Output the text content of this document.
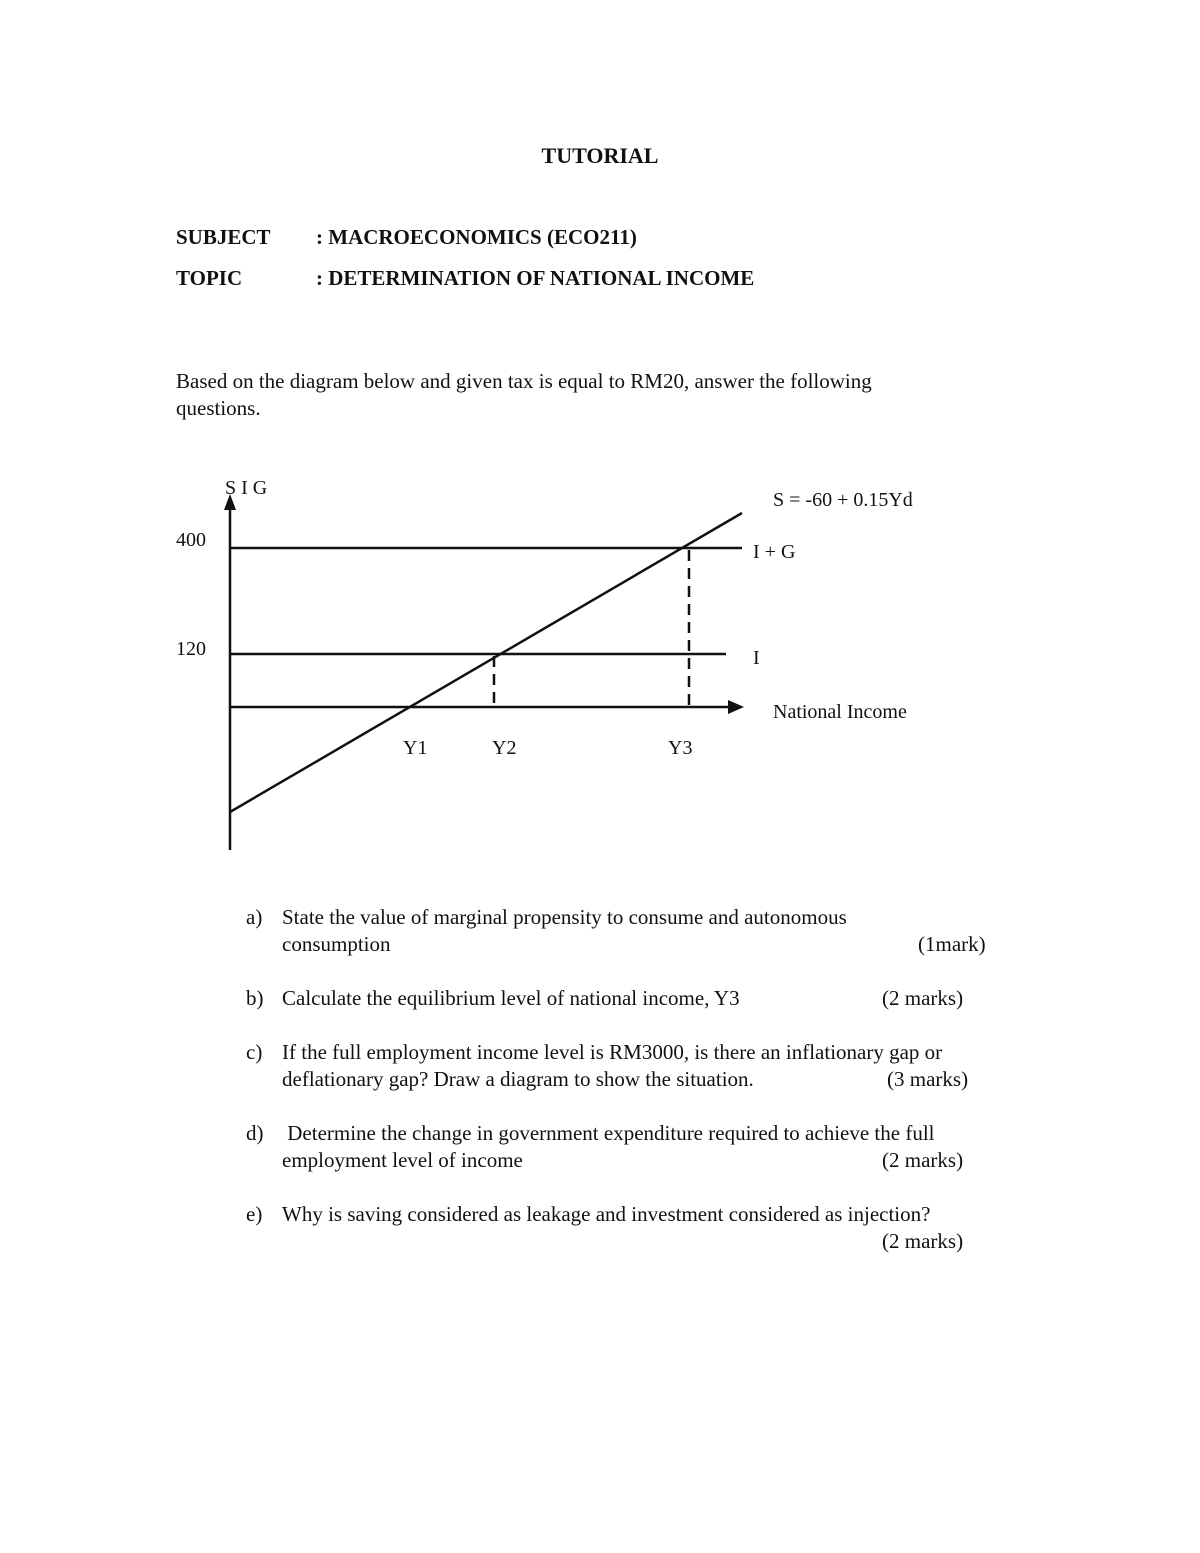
TUTORIAL
SUBJECT : MACROECONOMICS (ECO211)
TOPIC	: DETERMINATION OF NATIONAL INCOME
Based on the diagram below and given tax is equal to RM20, answer the following
questions.
S I G
400
120
S = -60 + 0.15Yd
I + G
I
National Income
Y1	Y2	Y3
a) State the value of marginal propensity to consume and autonomous
consumption	(1mark)
b) Calculate the equilibrium level of national income, Y3	(2 marks)
c) If the full employment income level is RM3000, is there an inflationary gap or
deflationary gap? Draw a diagram to show the situation.	(3 marks)
d) Determine the change in government expenditure required to achieve the full
employment level of income	(2 marks)
e) Why is saving considered as leakage and investment considered as injection?
(2 marks)
